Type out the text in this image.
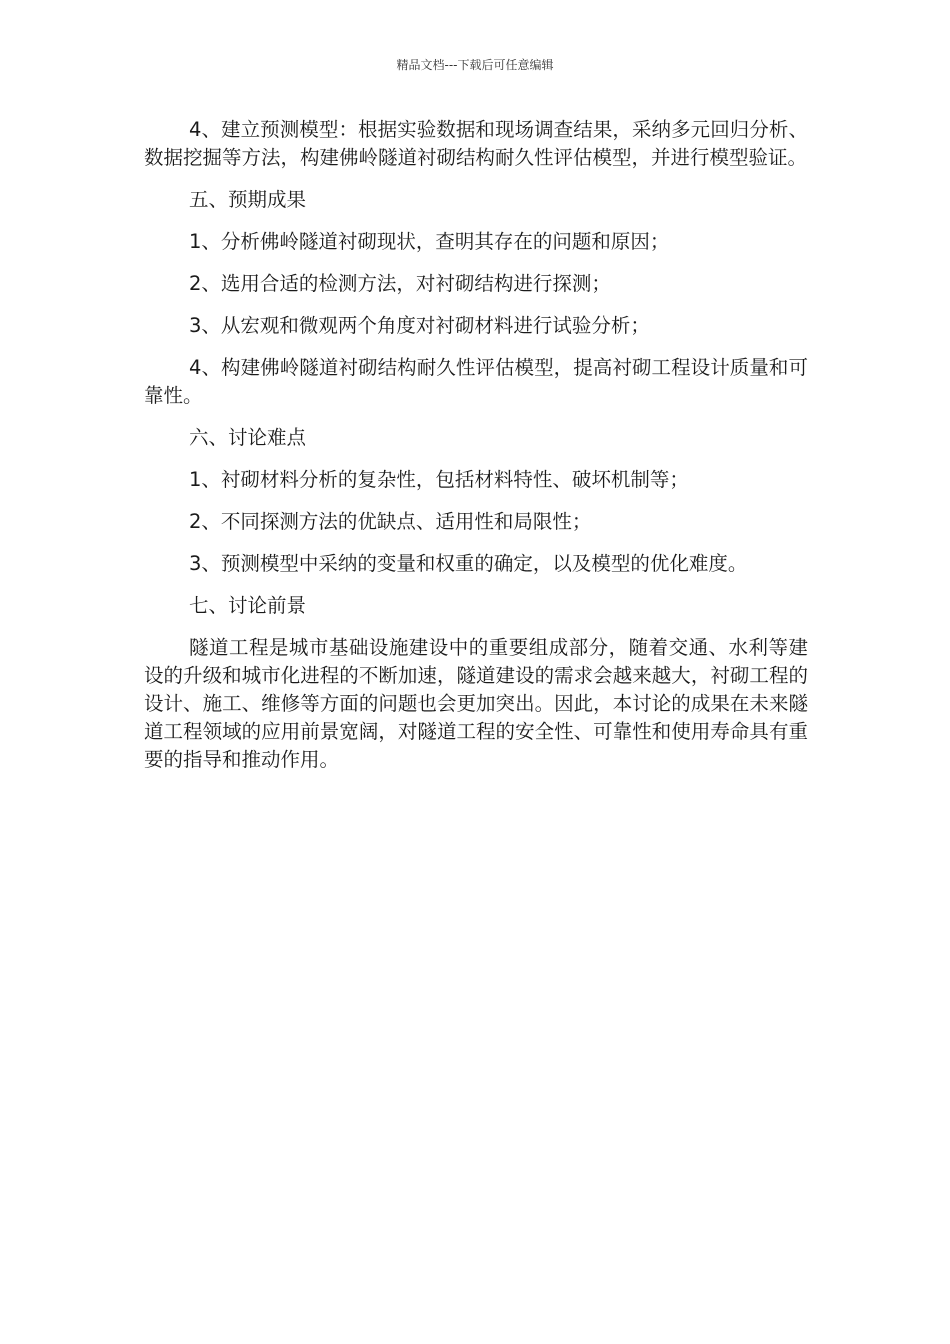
精品文档---下载后可任意编辑

4、建立预测模型：根据实验数据和现场调查结果，采纳多元回归分析、数据挖掘等方法，构建佛岭隧道衬砌结构耐久性评估模型，并进行模型验证。

五、预期成果

1、分析佛岭隧道衬砌现状，查明其存在的问题和原因；

2、选用合适的检测方法，对衬砌结构进行探测；

3、从宏观和微观两个角度对衬砌材料进行试验分析；

4、构建佛岭隧道衬砌结构耐久性评估模型，提高衬砌工程设计质量和可靠性。

六、讨论难点

1、衬砌材料分析的复杂性，包括材料特性、破坏机制等；

2、不同探测方法的优缺点、适用性和局限性；

3、预测模型中采纳的变量和权重的确定，以及模型的优化难度。

七、讨论前景

隧道工程是城市基础设施建设中的重要组成部分，随着交通、水利等建设的升级和城市化进程的不断加速，隧道建设的需求会越来越大，衬砌工程的设计、施工、维修等方面的问题也会更加突出。因此，本讨论的成果在未来隧道工程领域的应用前景宽阔，对隧道工程的安全性、可靠性和使用寿命具有重要的指导和推动作用。
